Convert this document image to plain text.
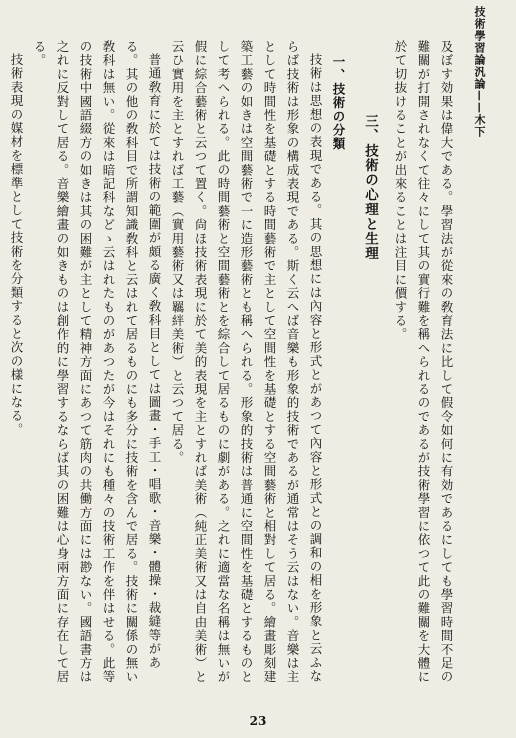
技術學習論汎論——木下

及ぼす効果は偉大である。學習法が從來の敎育法に比して假令如何に有効であるにしても學習時間不足の難關が打開されなくて往々にして其の實行難を稱へられるのであるが技術學習に依つて此の難關を大體に於て切抜けることが出來ることは注目に價する。

三、技術の心理と生理
一、技術の分類

技術は思想の表現である。其の思想には內容と形式とがあつて內容と形式との調和の相を形象と云ふならば技術は形象の構成表現である。斯く云へば音樂も形象的技術であるが通常はそう云はない。音樂は主として時間性を基礎とする時間藝術で主として空間性を基礎とする空間藝術と相對して居る。繪畫彫刻建築工藝の如きは空間藝術で一に造形藝術とも稱へられる。形象的技術は普通に空間性を基礎とするものとして考へられる。此の時間藝術と空間藝術とを綜合して居るものに劇がある。之れに適當な名稱は無いが假に綜合藝術と云つて置く。尙ほ技術表現に於て美的表現を主とすれば美術（純正美術又は自由美術）と云ひ實用を主とすれば工藝（實用藝術又は羈絆美術）と云つて居る。

普通敎育に於ては技術の範圍が頗る廣く敎科目としては圖畫・手工・唱歌・音樂・體操・裁縫等がある。其の他の敎科目で所謂知識敎科と云はれて居るものにも多分に技術を含んで居る。技術に關係の無い敎科は無い。從來は暗記科などゝ云はれたものがあつたが今はそれにも種々の技術工作を伴はせる。此等の技術中國語綴方の如きは其の困難が主として精神方面にあつて筋肉の共働方面には尠ない。國語書方は之れに反對して居る。音樂繪畫の如きものは創作的に學習するならば其の困難は心身兩方面に存在して居る。

技術表現の媒材を標準として技術を分類すると次の樣になる。

23
